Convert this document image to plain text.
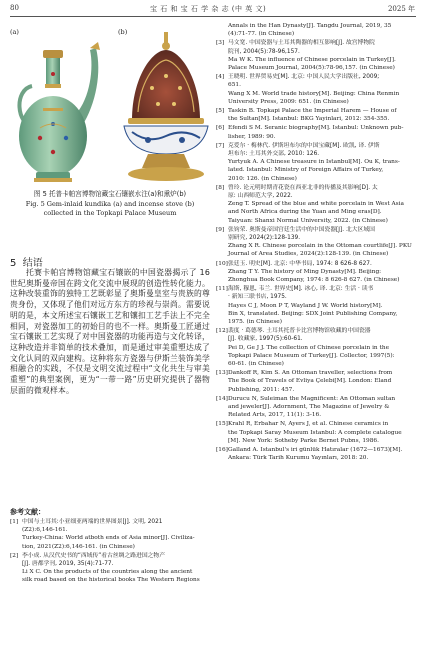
80	宝 石 和 宝 石 学 杂 志 (中 英 文)	2025 年
(a)	(b)
图 5 托普卡帕宫博物馆藏宝石镶嵌水注(a)和熏炉(b)
Fig. 5 Gem-inlaid kundika (a) and incense stove (b)
collected in the Topkapi Palace Museum
5 结语
托赛卡帕宫博物馆藏宝石镶嵌的中国瓷器揭示了 16 世纪奥斯曼帝国在跨文化交流中展现的创造性转化能力。这种改装重饰的独特工艺既彰显了奥斯曼皇室与贵族的尊贵身份，又体现了他们对远方东方的珍视与崇尚。需要说明的是，本文所述宝石镶嵌工艺和镶扣工艺手法上不完全相同，对瓷器加工的初始目的也不一样。奥斯曼工匠通过宝石镶嵌工艺实现了对中国瓷器的功能再造与文化转译，这种改造并非简单的技术叠加，而是通过审美重塑达成了文化认同的双向建构。这种将东方瓷器与伊斯兰装饰美学相融合的实践，不仅是文明交流过程中“文化共生与审美重塑”的典型案例，更为“一带一路”历史研究提供了器物层面的微观样本。
参考文献：
[1] 中国与土耳其:小亚细亚两端的世界图景[J]. 文明, 2021
(Z2):6,146-161.
Turkey-China: World atboth ends of Asia minor[J]. Civiliza-
tion, 2021(Z2):6,146-161. (in Chinese)
[2] 李小成. 从汉代史书的“西域传”看古丝绸之路进国之物产
[J]. 唐都学刊, 2019, 35(4):71-77.
Li X C. On the products of the countries along the ancient
silk road based on the historical books The Western Regions
Annals in the Han Dynasty[J]. Tangdu Journal, 2019, 35
(4):71-77. (in Chinese)
[3] 马文宽. 中国瓷器与土耳其陶器的相互影响[J]. 故宫博物院
院刊, 2004(5):78-96,157.
Ma W K. The influence of Chinese porcelain in Turkey[J].
Palace Museum Journal, 2004(5):78-96,157. (in Chinese)
[4] 王晓明. 世界贸易史[M]. 北京: 中国人民大学出版社, 2009;
651.
Wang X M. World trade history[M]. Beijing: China Renmin
University Press, 2009: 651. (in Chinese)
[5] Taskin B. Topkapi Palace the Imperial Harem — House of
the Sultan[M]. Istanbul: BKG Yayinlari, 2012: 354-355.
[6] Efendi S M. Seranic biography[M]. Istanbul: Unknown pub-
lisher, 1989: 90.
[7] 克爱尔 · 梅林代. 伊斯坦布尔的中国宝藏[M]. 欧凯, 译. 伊斯
坦布尔: 土耳其外交部, 2010: 126.
Yurtyuk A. A Chinese treasure in Istanbul[M]. Ou K, trans-
lated. Istanbul: Ministry of Foreign Affairs of Turkey,
2010: 126. (in Chinese)
[8] 曾玲. 论元明时期青花瓷在西亚北非的传播及其影响[D]. 太
原: 山西师范大学, 2022.
Zeng T. Spread of the blue and white porcelain in West Asia
and North Africa during the Yuan and Ming eras[D].
Taiyuan: Shanxi Normal University, 2022. (in Chinese)
[9] 张钧荣. 奥斯曼帝国宫廷生活中的中国瓷器[J]. 北大区域国
别研究, 2024(2):128-139.
Zhang X R. Chinese porcelain in the Ottoman courtlife[J]. PKU
Journal of Area Studies, 2024(2):128-139. (in Chinese)
[10] 张廷玉. 明史[M]. 北京: 中华书局, 1974: 8 626-8 627.
Zhang T Y. The history of Ming Dynasty[M]. Beijing:
Zhonghua Book Company, 1974: 8 626-8 627. (in Chinese)
[11] 海斯, 穆恩, 韦兰. 世界史[M]. 冰心, 译. 北京: 生活 · 读书
· 新知三联书店, 1975.
Hayes C J, Moon P T, Wayland J W. World history[M].
Bin X, translated. Beijing: SDX Joint Publishing Company,
1975. (in Chinese)
[12] 裴度 · 葛德琴. 土耳其托普卡比宫博物馆收藏的中国瓷器
[J]. 收藏家, 1997(5):60-61.
Pei D, Ge J J. The collection of Chinese porcelain in the
Topkapi Palace Museum of Turkey[J]. Collector, 1997(5):
60-61. (in Chinese)
[13] Dankoff R, Kim S. An Ottoman traveller, selections from
The Book of Travels of Evliya Çelebi[M]. London: Eland
Publishing, 2011: 457.
[14] Durucu N, Suleiman the Magnificent: An Ottoman sultan
and jeweler[J]. Adornment, The Magazine of Jewelry &
Related Arts, 2017, 11(1): 3-16.
[15] Krahl R, Erbahar N, Ayers J, et al. Chinese ceramics in
the Topkapi Saray Museum Istanbul: A complete catalogue
[M]. New York: Sotheby Parke Bernet Pubns, 1986.
[16] Galland A. Istanbul's iri günlük Hatıralar (1672—1673)[M].
Ankara: Türk Tarih Kurumu Yayınları, 2018: 20.
